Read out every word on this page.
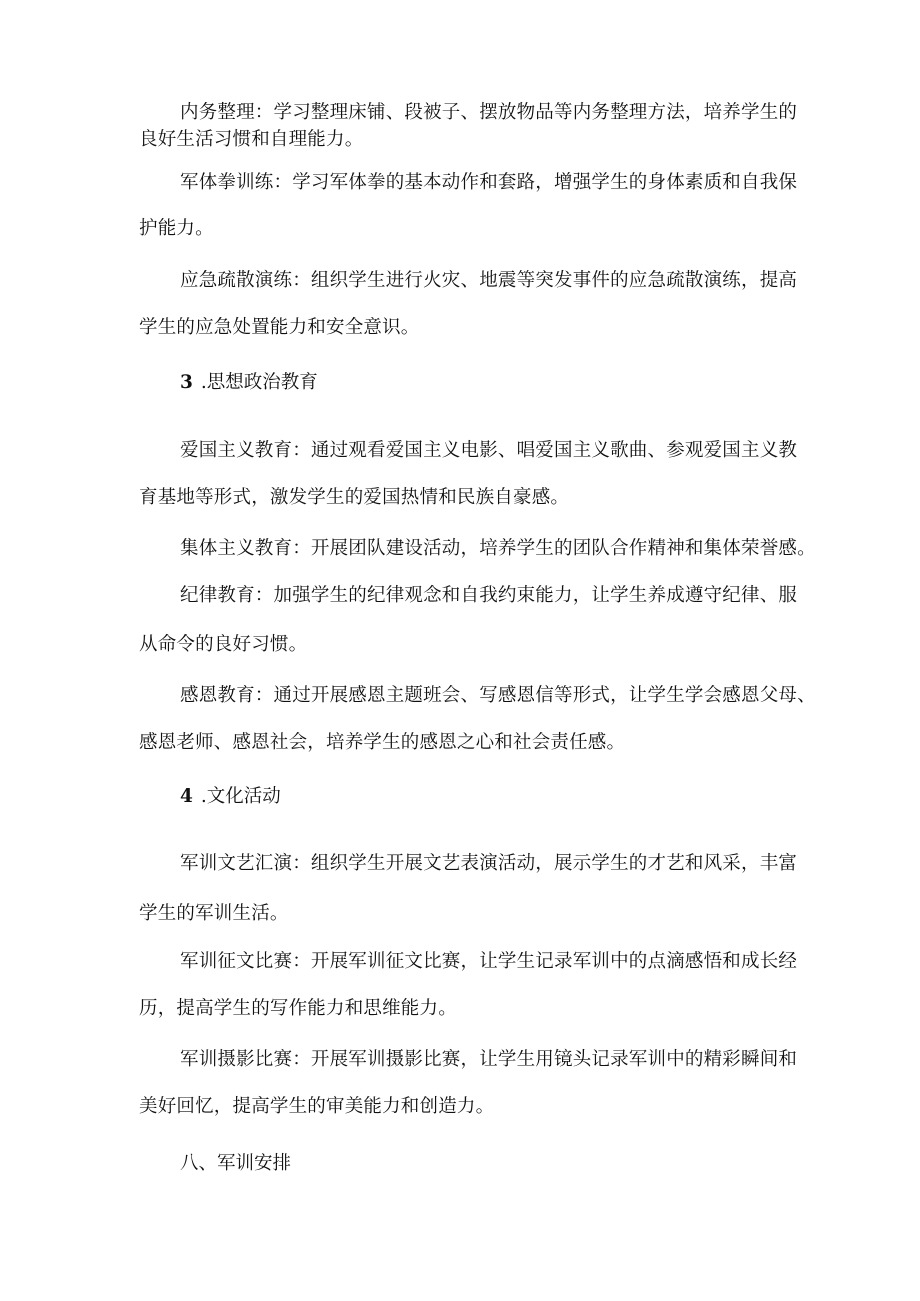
内务整理：学习整理床铺、段被子、摆放物品等内务整理方法，培养学生的
良好生活习惯和自理能力。
军体拳训练：学习军体拳的基本动作和套路，增强学生的身体素质和自我保
护能力。
应急疏散演练：组织学生进行火灾、地震等突发事件的应急疏散演练，提高
学生的应急处置能力和安全意识。
3 .思想政治教育
爱国主义教育：通过观看爱国主义电影、唱爱国主义歌曲、参观爱国主义教
育基地等形式，激发学生的爱国热情和民族自豪感。
集体主义教育：开展团队建设活动，培养学生的团队合作精神和集体荣誉感。
纪律教育：加强学生的纪律观念和自我约束能力，让学生养成遵守纪律、服
从命令的良好习惯。
感恩教育：通过开展感恩主题班会、写感恩信等形式，让学生学会感恩父母、
感恩老师、感恩社会，培养学生的感恩之心和社会责任感。
4 .文化活动
军训文艺汇演：组织学生开展文艺表演活动，展示学生的才艺和风采，丰富
学生的军训生活。
军训征文比赛：开展军训征文比赛，让学生记录军训中的点滴感悟和成长经
历，提高学生的写作能力和思维能力。
军训摄影比赛：开展军训摄影比赛，让学生用镜头记录军训中的精彩瞬间和
美好回忆，提高学生的审美能力和创造力。
八、军训安排
